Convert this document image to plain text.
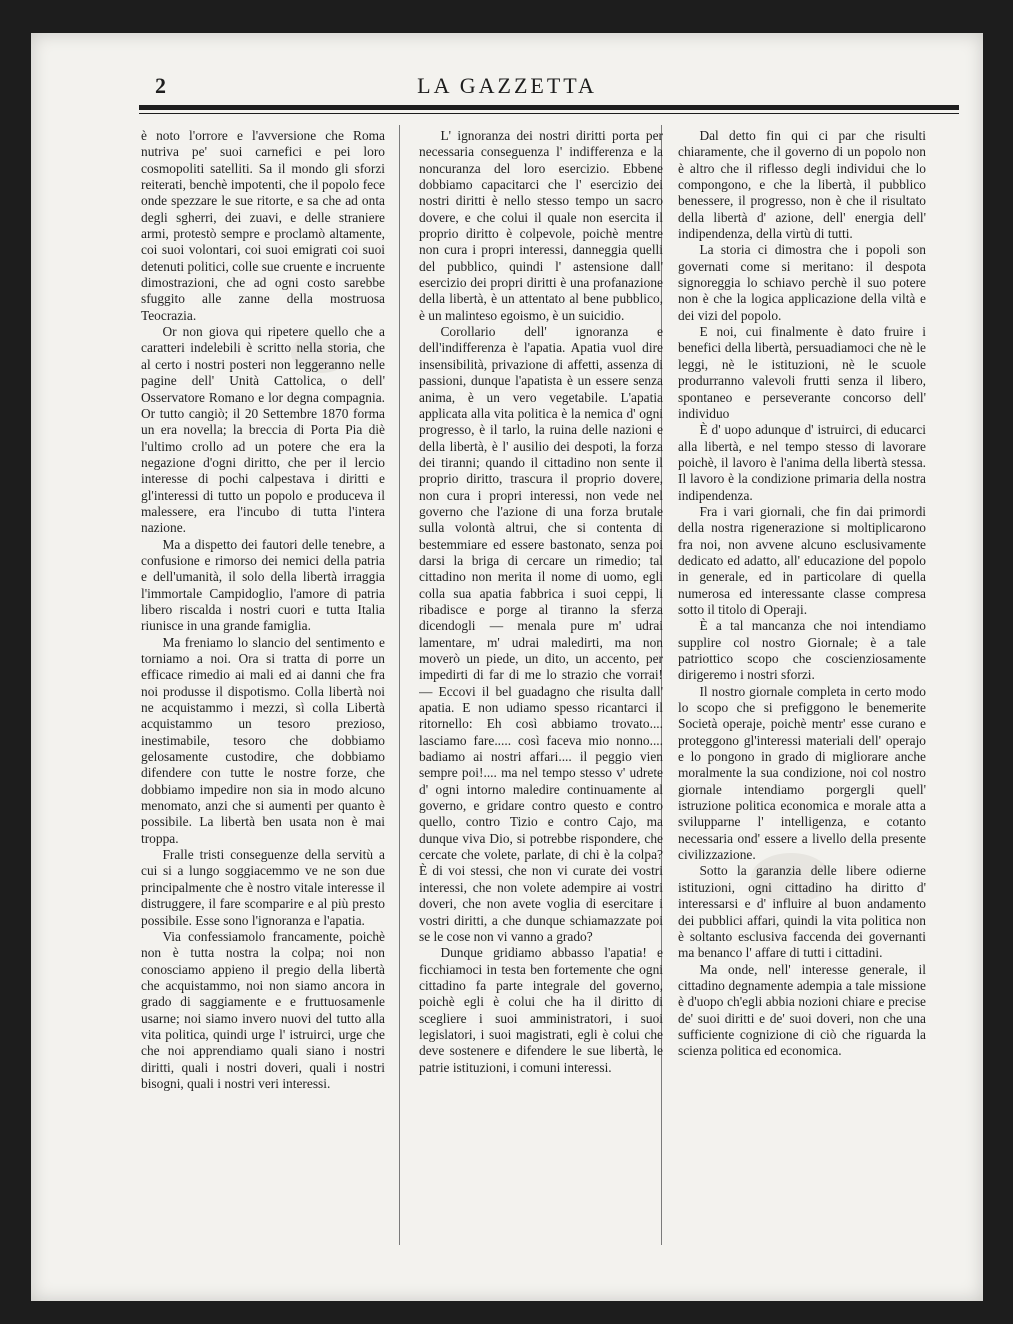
2	LA GAZZETTA

è noto l'orrore e l'avversione che Roma nutriva pe' suoi carnefici e pei loro cosmopoliti satelliti. Sa il mondo gli sforzi reiterati, benchè impotenti, che il popolo fece onde spezzare le sue ritorte, e sa che ad onta degli sgherri, dei zuavi, e delle straniere armi, protestò sempre e proclamò altamente, coi suoi volontari, coi suoi emigrati coi suoi detenuti politici, colle sue cruente e incruente dimostrazioni, che ad ogni costo sarebbe sfuggito alle zanne della mostruosa Teocrazia.

Or non giova qui ripetere quello che a caratteri indelebili è scritto nella storia, che al certo i nostri posteri non leggeranno nelle pagine dell' Unità Cattolica, o dell' Osservatore Romano e lor degna compagnia. Or tutto cangiò; il 20 Settembre 1870 forma un era novella; la breccia di Porta Pia diè l'ultimo crollo ad un potere che era la negazione d'ogni diritto, che per il lercio interesse di pochi calpestava i diritti e gl'interessi di tutto un popolo e produceva il malessere, era l'incubo di tutta l'intera nazione.

Ma a dispetto dei fautori delle tenebre, a confusione e rimorso dei nemici della patria e dell'umanità, il solo della libertà irraggia l'immortale Campidoglio, l'amore di patria libero riscalda i nostri cuori e tutta Italia riunisce in una grande famiglia.

Ma freniamo lo slancio del sentimento e torniamo a noi. Ora si tratta di porre un efficace rimedio ai mali ed ai danni che fra noi produsse il dispotismo. Colla libertà noi ne acquistammo i mezzi, sì colla Libertà acquistammo un tesoro prezioso, inestimabile, tesoro che dobbiamo gelosamente custodire, che dobbiamo difendere con tutte le nostre forze, che dobbiamo impedire non sia in modo alcuno menomato, anzi che si aumenti per quanto è possibile. La libertà ben usata non è mai troppa.

Fralle tristi conseguenze della servitù a cui si a lungo soggiacemmo ve ne son due principalmente che è nostro vitale interesse il distruggere, il fare scomparire e al più presto possibile. Esse sono l'ignoranza e l'apatia.

Via confessiamolo francamente, poichè non è tutta nostra la colpa; noi non conosciamo appieno il pregio della libertà che acquistammo, noi non siamo ancora in grado di saggiamente e e fruttuosamenle usarne; noi siamo invero nuovi del tutto alla vita politica, quindi urge l' istruirci, urge che che noi apprendiamo quali siano i nostri diritti, quali i nostri doveri, quali i nostri bisogni, quali i nostri veri interessi.

L' ignoranza dei nostri diritti porta per necessaria conseguenza l' indifferenza e la noncuranza del loro esercizio. Ebbene dobbiamo capacitarci che l' esercizio dei nostri diritti è nello stesso tempo un sacro dovere, e che colui il quale non esercita il proprio diritto è colpevole, poichè mentre non cura i propri interessi, danneggia quelli del pubblico, quindi l' astensione dall' esercizio dei propri diritti è una profanazione della libertà, è un attentato al bene pubblico, è un malinteso egoismo, è un suicidio.

Corollario dell' ignoranza e dell'indifferenza è l'apatia. Apatia vuol dire insensibilità, privazione di affetti, assenza di passioni, dunque l'apatista è un essere senza anima, è un vero vegetabile. L'apatia applicata alla vita politica è la nemica d' ogni progresso, è il tarlo, la ruina delle nazioni e della libertà, è l' ausilio dei despoti, la forza dei tiranni; quando il cittadino non sente il proprio diritto, trascura il proprio dovere, non cura i propri interessi, non vede nel governo che l'azione di una forza brutale sulla volontà altrui, che si contenta di bestemmiare ed essere bastonato, senza poi darsi la briga di cercare un rimedio; tal cittadino non merita il nome di uomo, egli colla sua apatia fabbrica i suoi ceppi, li ribadisce e porge al tiranno la sferza dicendogli — menala pure m' udrai lamentare, m' udrai maledirti, ma non moverò un piede, un dito, un accento, per impedirti di far di me lo strazio che vorrai! — Eccovi il bel guadagno che risulta dall' apatia. E non udiamo spesso ricantarci il ritornello: Eh così abbiamo trovato.... lasciamo fare..... così faceva mio nonno.... badiamo ai nostri affari.... il peggio vien sempre poi!.... ma nel tempo stesso v' udrete d' ogni intorno maledire continuamente al governo, e gridare contro questo e contro quello, contro Tizio e contro Cajo, ma dunque viva Dio, si potrebbe rispondere, che cercate che volete, parlate, di chi è la colpa? È di voi stessi, che non vi curate dei vostri interessi, che non volete adempire ai vostri doveri, che non avete voglia di esercitare i vostri diritti, a che dunque schiamazzate poi se le cose non vi vanno a grado?

Dunque gridiamo abbasso l'apatia! e ficchiamoci in testa ben fortemente che ogni cittadino fa parte integrale del governo, poichè egli è colui che ha il diritto di scegliere i suoi amministratori, i suoi legislatori, i suoi magistrati, egli è colui che deve sostenere e difendere le sue libertà, le patrie istituzioni, i comuni interessi.

Dal detto fin qui ci par che risulti chiaramente, che il governo di un popolo non è altro che il riflesso degli individui che lo compongono, e che la libertà, il pubblico benessere, il progresso, non è che il risultato della libertà d' azione, dell' energia dell' indipendenza, della virtù di tutti.

La storia ci dimostra che i popoli son governati come si meritano: il despota signoreggia lo schiavo perchè il suo potere non è che la logica applicazione della viltà e dei vizi del popolo.

E noi, cui finalmente è dato fruire i benefici della libertà, persuadiamoci che nè le leggi, nè le istituzioni, nè le scuole produrranno valevoli frutti senza il libero, spontaneo e perseverante concorso dell' individuo

È d' uopo adunque d' istruirci, di educarci alla libertà, e nel tempo stesso di lavorare poichè, il lavoro è l'anima della libertà stessa. Il lavoro è la condizione primaria della nostra indipendenza.

Fra i vari giornali, che fin dai primordi della nostra rigenerazione si moltiplicarono fra noi, non avvene alcuno esclusivamente dedicato ed adatto, all' educazione del popolo in generale, ed in particolare di quella numerosa ed interessante classe compresa sotto il titolo di Operaji.

È a tal mancanza che noi intendiamo supplire col nostro Giornale; è a tale patriottico scopo che coscienziosamente dirigeremo i nostri sforzi.

Il nostro giornale completa in certo modo lo scopo che si prefiggono le benemerite Società operaje, poichè mentr' esse curano e proteggono gl'interessi materiali dell' operajo e lo pongono in grado di migliorare anche moralmente la sua condizione, noi col nostro giornale intendiamo porgergli quell' istruzione politica economica e morale atta a svilupparne l' intelligenza, e cotanto necessaria ond' essere a livello della presente civilizzazione.

Sotto la garanzia delle libere odierne istituzioni, ogni cittadino ha diritto d' interessarsi e d' influire al buon andamento dei pubblici affari, quindi la vita politica non è soltanto esclusiva faccenda dei governanti ma benanco l' affare di tutti i cittadini.

Ma onde, nell' interesse generale, il cittadino degnamente adempia a tale missione è d'uopo ch'egli abbia nozioni chiare e precise de' suoi diritti e de' suoi doveri, non che una sufficiente cognizione di ciò che riguarda la scienza politica ed economica.
